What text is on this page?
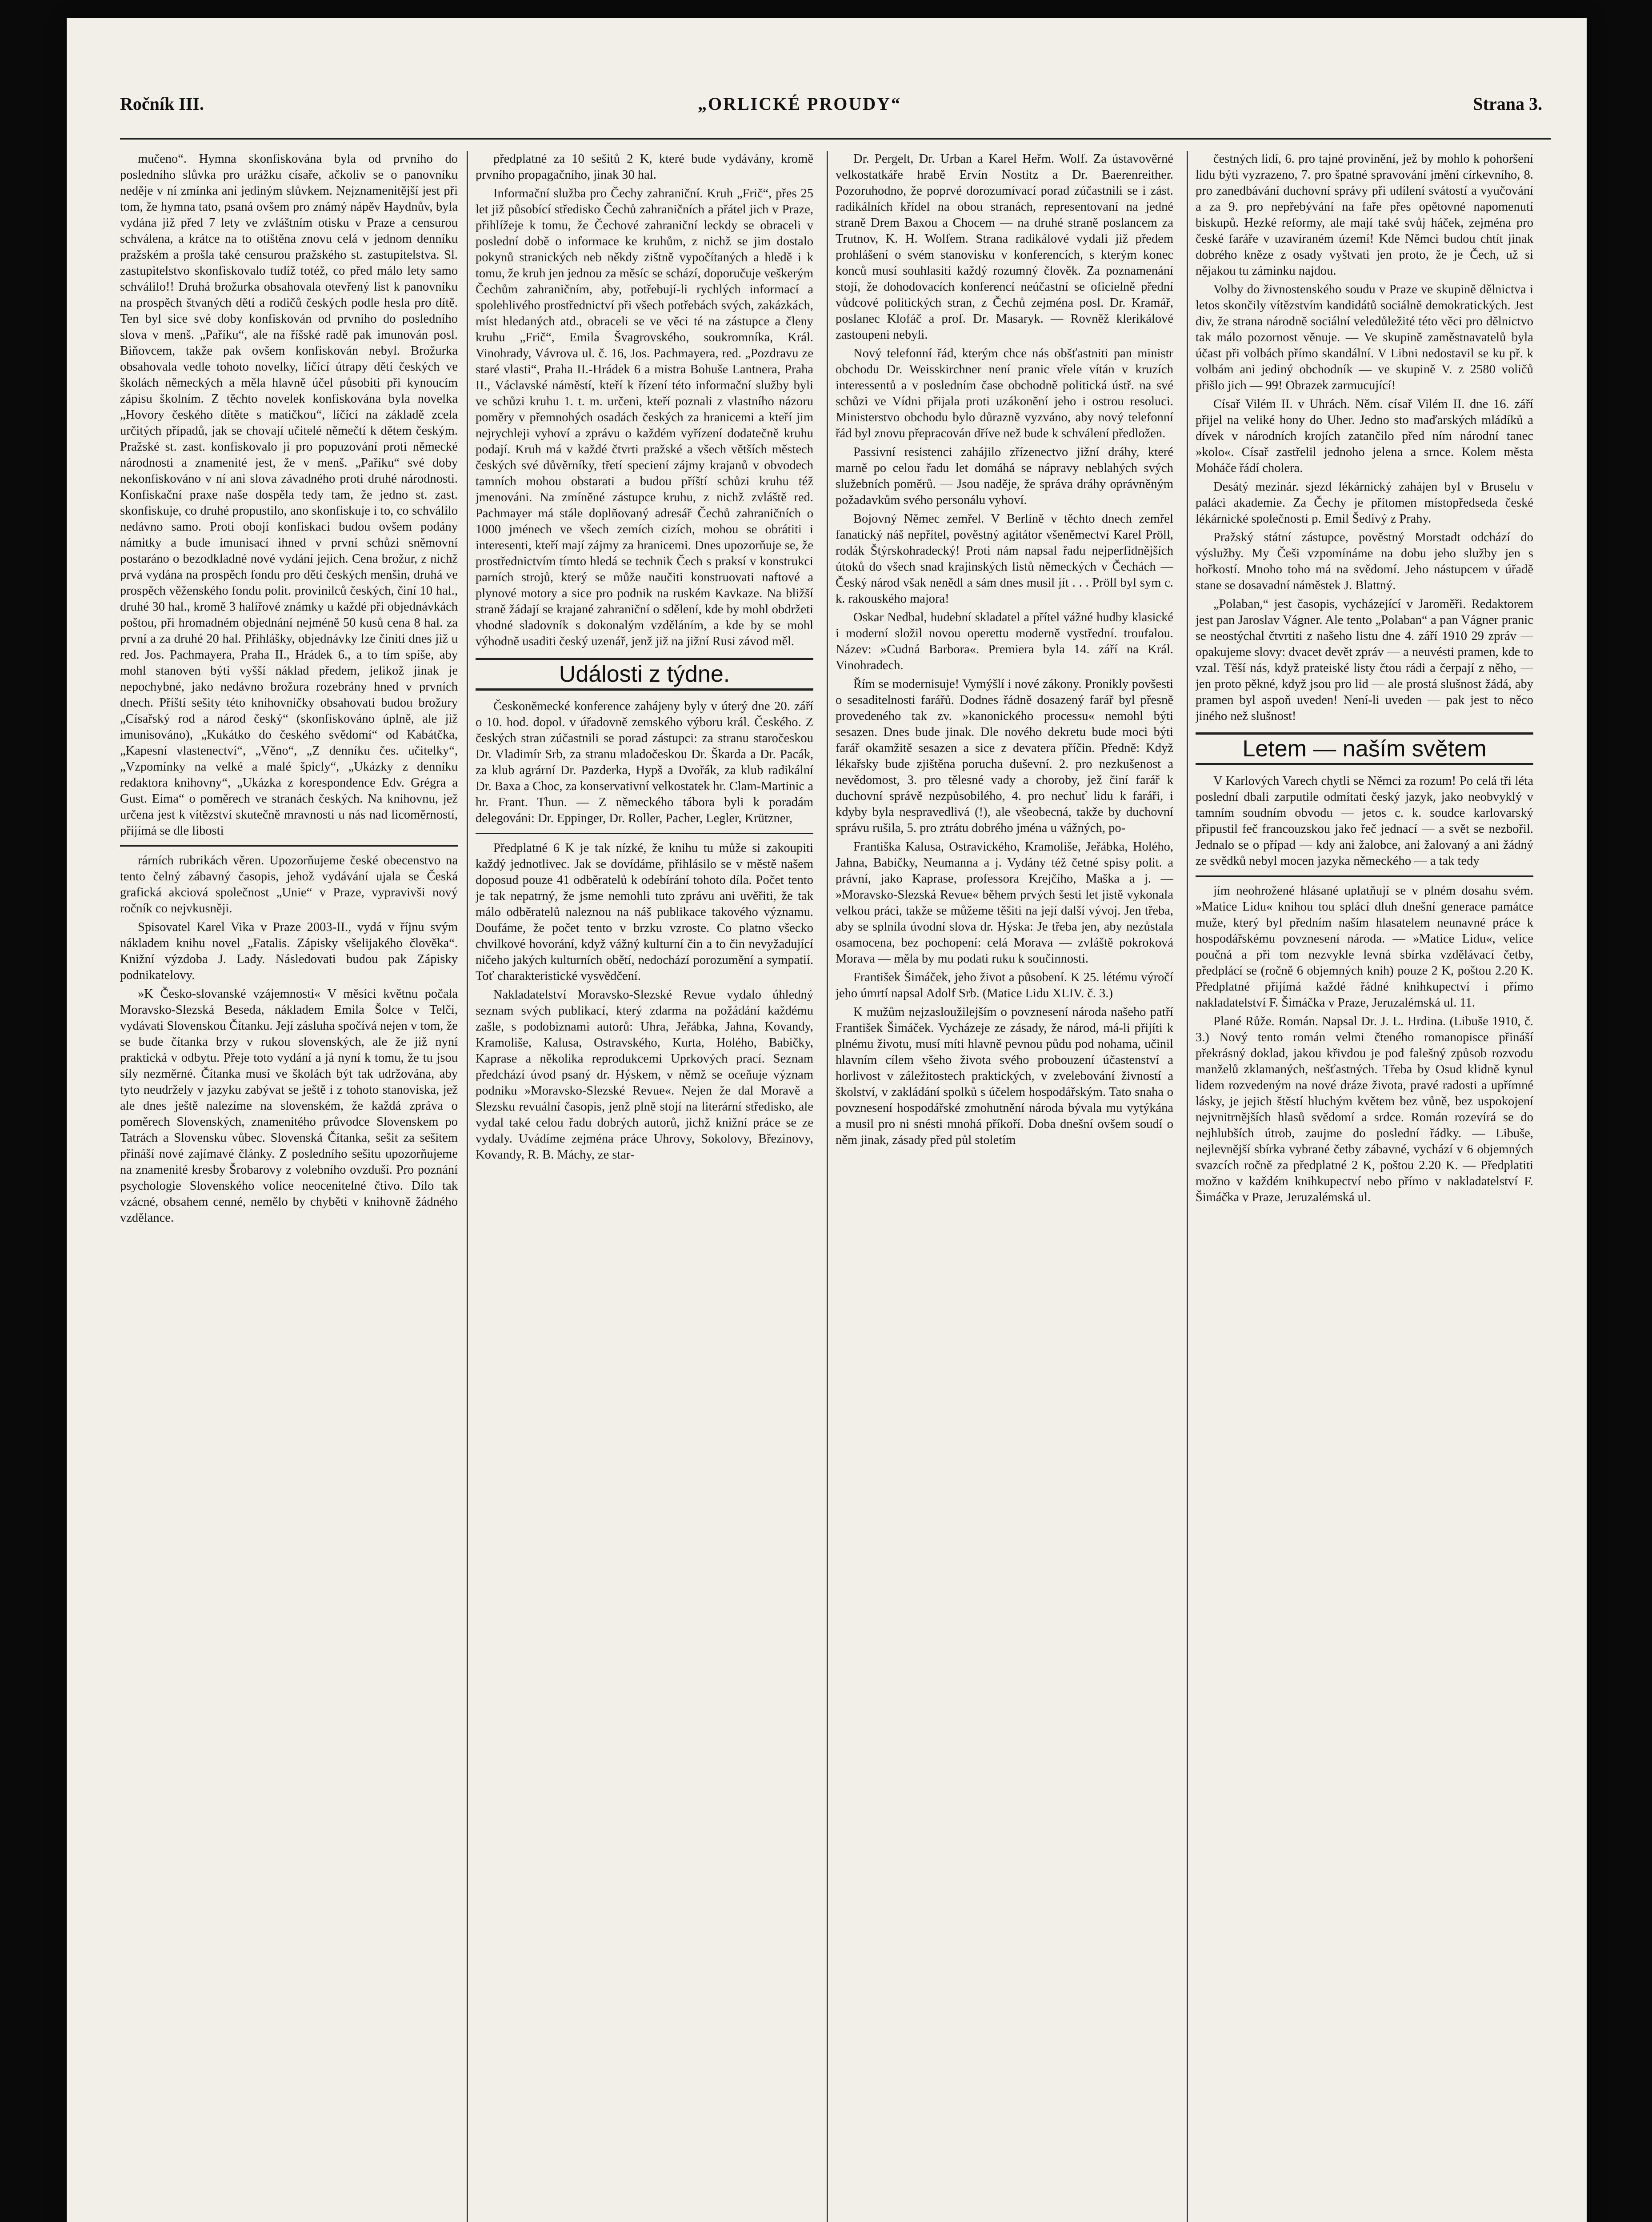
Ročník III.	„ORLICKÉ PROUDY“	Strana 3.

mučeno“. Hymna skonfiskována byla od prvního do posledního slůvka pro urážku císaře, ačkoliv se o panovníku neděje v ní zmínka ani jediným slůvkem. Nejznamenitější jest při tom, že hymna tato, psaná ovšem pro známý nápěv Haydnův, byla vydána již před 7 lety ve zvláštním otisku v Praze a censurou schválena, a krátce na to otištěna znovu celá v jednom denníku pražském a prošla také censurou pražského st. zastupitelstva. Sl. zastupitelstvo skonfiskovalo tudíž totéž, co před málo lety samo schválilo!! Druhá brožurka obsahovala otevřený list k panovníku na prospěch štvaných dětí a rodičů českých podle hesla pro dítě. Ten byl sice své doby konfiskován od prvního do posledního slova v menš. „Paříku“, ale na říšské radě pak imunován posl. Biňovcem, takže pak ovšem konfiskován nebyl. Brožurka obsahovala vedle tohoto novelky, líčící útrapy dětí českých ve školách německých a měla hlavně účel působiti při kynoucím zápisu školním. Z těchto novelek konfiskována byla novelka „Hovory českého dítěte s matičkou“, líčící na základě zcela určitých případů, jak se chovají učitelé němečtí k dětem českým. Pražské st. zast. konfiskovalo ji pro popuzování proti německé národnosti a znamenité jest, že v menš. „Paříku“ své doby nekonfiskováno v ní ani slova závadného proti druhé národnosti. Konfiskační praxe naše dospěla tedy tam, že jedno st. zast. skonfiskuje, co druhé propustilo, ano skonfiskuje i to, co schválilo nedávno samo. Proti obojí konfiskaci budou ovšem podány námitky a bude imunisací ihned v první schůzi sněmovní postaráno o bezodkladné nové vydání jejich. Cena brožur, z nichž prvá vydána na prospěch fondu pro děti českých menšin, druhá ve prospěch věženského fondu polit. provinilců českých, činí 10 hal., druhé 30 hal., kromě 3 halířové známky u každé při objednávkách poštou, při hromadném objednání nejméně 50 kusů cena 8 hal. za první a za druhé 20 hal. Přihlášky, objednávky lze činiti dnes již u red. Jos. Pachmayera, Praha II., Hrádek 6., a to tím spíše, aby mohl stanoven býti vyšší náklad předem, jelikož jinak je nepochybné, jako nedávno brožura rozebrány hned v prvních dnech. Příští sešity této knihovničky obsahovati budou brožury „Císařský rod a národ český“ (skonfiskováno úplně, ale již imunisováno), „Kukátko do českého svědomí“ od Kabátčka, „Kapesní vlastenectví“, „Věno“, „Z denníku čes. učitelky“, „Vzpomínky na velké a malé špicly“, „Ukázky z denníku redaktora knihovny“, „Ukázka z korespondence Edv. Grégra a Gust. Eima“ o poměrech ve stranách českých. Na knihovnu, jež určena jest k vítězství skutečně mravnosti u nás nad licoměrností, přijímá se dle libosti

rárních rubrikách věren. Upozorňujeme české obecenstvo na tento čelný zábavný časopis, jehož vydávání ujala se Česká grafická akciová společnost „Unie“ v Praze, vypravivši nový ročník co nejvkusněji.

Spisovatel Karel Vika v Praze 2003-II., vydá v říjnu svým nákladem knihu novel „Fatalis. Zápisky všelijakého člověka“. Knižní výzdoba J. Lady. Následovati budou pak Zápisky podnikatelovy.

»K Česko-slovanské vzájemnosti« V měsíci květnu počala Moravsko-Slezská Beseda, nákladem Emila Šolce v Telči, vydávati Slovenskou Čítanku. Její zásluha spočívá nejen v tom, že se bude čítanka brzy v rukou slovenských, ale že již nyní praktická v odbytu. Přeje toto vydání a já nyní k tomu, že tu jsou síly nezměrné. Čítanka musí ve školách být tak udržována, aby tyto neudržely v jazyku zabývat se ještě i z tohoto stanoviska, jež ale dnes ještě nalezíme na slovenském, že každá zpráva o poměrech Slovenských, znamenitého průvodce Slovenskem po Tatrách a Slovensku vůbec. Slovenská Čítanka, sešit za sešitem přináší nové zajímavé články. Z posledního sešitu upozorňujeme na znamenité kresby Šrobarovy z volebního ovzduší. Pro poznání psychologie Slovenského volice neocenitelné čtivo. Dílo tak vzácné, obsahem cenné, nemělo by chyběti v knihovně žádného vzdělance.

předplatné za 10 sešitů 2 K, které bude vydávány, kromě prvního propagačního, jinak 30 hal.

Informační služba pro Čechy zahraniční. Kruh „Frič“, přes 25 let již působící středisko Čechů zahraničních a přátel jich v Praze, přihlížeje k tomu, že Čechové zahraniční leckdy se obraceli v poslední době o informace ke kruhům, z nichž se jim dostalo pokynů stranických neb někdy zištně vypočítaných a hledě i k tomu, že kruh jen jednou za měsíc se schází, doporučuje veškerým Čechům zahraničním, aby, potřebují-li rychlých informací a spolehlivého prostřednictví při všech potřebách svých, zakázkách, míst hledaných atd., obraceli se ve věci té na zástupce a členy kruhu „Frič“, Emila Švagrovského, soukromníka, Král. Vinohrady, Vávrova ul. č. 16, Jos. Pachmayera, red. „Pozdravu ze staré vlasti“, Praha II.-Hrádek 6 a mistra Bohuše Lantnera, Praha II., Václavské náměstí, kteří k řízení této informační služby byli ve schůzi kruhu 1. t. m. určeni, kteří poznali z vlastního názoru poměry v přemnohých osadách českých za hranicemi a kteří jim nejrychleji vyhoví a zprávu o každém vyřízení dodatečně kruhu podají. Kruh má v každé čtvrti pražské a všech větších městech českých své důvěrníky, třetí speciení zájmy krajanů v obvodech tamních mohou obstarati a budou příští schůzi kruhu též jmenováni. Na zmíněné zástupce kruhu, z nichž zvláště red. Pachmayer má stále doplňovaný adresář Čechů zahraničních o 1000 jménech ve všech zemích cizích, mohou se obrátiti i interesenti, kteří mají zájmy za hranicemi. Dnes upozorňuje se, že prostřednictvím tímto hledá se technik Čech s praksí v konstrukci parních strojů, který se může naučiti konstruovati naftové a plynové motory a sice pro podnik na ruském Kavkaze. Na bližší straně žádají se krajané zahraniční o sdělení, kde by mohl obdržeti vhodné sladovník s dokonalým vzděláním, a kde by se mohl výhodně usaditi český uzenář, jenž již na jižní Rusi závod měl.

Události z týdne.

Českoněmecké konference zahájeny byly v úterý dne 20. září o 10. hod. dopol. v úřadovně zemského výboru král. Českého. Z českých stran zúčastnili se porad zástupci: za stranu staročeskou Dr. Vladimír Srb, za stranu mladočeskou Dr. Škarda a Dr. Pacák, za klub agrární Dr. Pazderka, Hypš a Dvořák, za klub radikální Dr. Baxa a Choc, za konservativní velkostatek hr. Clam-Martinic a hr. Frant. Thun. — Z německého tábora byli k poradám delegováni: Dr. Eppinger, Dr. Roller, Pacher, Legler, Krützner,

Předplatné 6 K je tak nízké, že knihu tu může si zakoupiti každý jednotlivec. Jak se dovídáme, přihlásilo se v městě našem doposud pouze 41 odběratelů k odebírání tohoto díla. Počet tento je tak nepatrný, že jsme nemohli tuto zprávu ani uvěřiti, že tak málo odběratelů naleznou na náš publikace takového významu. Doufáme, že počet tento v brzku vzroste. Co platno všecko chvilkové hovorání, když vážný kulturní čin a to čin nevyžadující ničeho jakých kulturních obětí, nedochází porozumění a sympatií. Toť charakteristické vysvědčení.

Nakladatelství Moravsko-Slezské Revue vydalo úhledný seznam svých publikací, který zdarma na požádání každému zašle, s podobiznami autorů: Uhra, Jeřábka, Jahna, Kovandy, Kramoliše, Kalusa, Ostravského, Kurta, Holého, Babičky, Kaprase a několika reprodukcemi Uprkových prací. Seznam předchází úvod psaný dr. Hýskem, v němž se oceňuje význam podniku »Moravsko-Slezské Revue«. Nejen že dal Moravě a Slezsku revuální časopis, jenž plně stojí na literární středisko, ale vydal také celou řadu dobrých autorů, jichž knižní práce se ze vydaly. Uvádíme zejména práce Uhrovy, Sokolovy, Březinovy, Kovandy, R. B. Máchy, ze star-

Dr. Pergelt, Dr. Urban a Karel Heřm. Wolf. Za ústavověrné velkostatkáře hrabě Ervín Nostitz a Dr. Baerenreither. Pozoruhodno, že poprvé dorozumívací porad zúčastnili se i zást. radikálních křídel na obou stranách, representovaní na jedné straně Drem Baxou a Chocem — na druhé straně poslancem za Trutnov, K. H. Wolfem. Strana radikálové vydali již předem prohlášení o svém stanovisku v konferencích, s kterým konec konců musí souhlasiti každý rozumný člověk. Za poznamenání stojí, že dohodovacích konferencí neúčastní se oficielně přední vůdcové politických stran, z Čechů zejména posl. Dr. Kramář, poslanec Klofáč a prof. Dr. Masaryk. — Rovněž klerikálové zastoupeni nebyli.

Nový telefonní řád, kterým chce nás obšťastniti pan ministr obchodu Dr. Weisskirchner není pranic vřele vítán v kruzích interessentů a v posledním čase obchodně politická ústř. na své schůzi ve Vídni přijala proti uzákonění jeho i ostrou resoluci. Ministerstvo obchodu bylo důrazně vyzváno, aby nový telefonní řád byl znovu přepracován dříve než bude k schválení předložen.

Passivní resistenci zahájilo zřízenectvo jižní dráhy, které marně po celou řadu let domáhá se nápravy neblahých svých služebních poměrů. — Jsou naděje, že správa dráhy oprávněným požadavkům svého personálu vyhoví.

Bojovný Němec zemřel. V Berlíně v těchto dnech zemřel fanatický náš nepřítel, pověstný agitátor všeněmectví Karel Pröll, rodák Štýrskohradecký! Proti nám napsal řadu nejperfidnějších útoků do všech snad krajinských listů německých v Čechách — Český národ však nenědl a sám dnes musil jít . . . Pröll byl sym c. k. rakouského majora!

Oskar Nedbal, hudební skladatel a přítel vážné hudby klasické i moderní složil novou operettu moderně vystřední. troufalou. Název: »Cudná Barbora«. Premiera byla 14. září na Král. Vinohradech.

Řím se modernisuje! Vymýšlí i nové zákony. Pronikly povšesti o sesaditelnosti farářů. Dodnes řádně dosazený farář byl přesně provedeného tak zv. »kanonického processu« nemohl býti sesazen. Dnes bude jinak. Dle nového dekretu bude moci býti farář okamžitě sesazen a sice z devatera příčin. Předně: Když lékařsky bude zjištěna porucha duševní. 2. pro nezkušenost a nevědomost, 3. pro tělesné vady a choroby, jež činí farář k duchovní správě nezpůsobilého, 4. pro nechuť lidu k faráři, i kdyby byla nespravedlivá (!), ale všeobecná, takže by duchovní správu rušila, 5. pro ztrátu dobrého jména u vážných, po-

Františka Kalusa, Ostravického, Kramoliše, Jeřábka, Holého, Jahna, Babičky, Neumanna a j. Vydány též četné spisy polit. a právní, jako Kaprase, professora Krejčího, Maška a j. — »Moravsko-Slezská Revue« během prvých šesti let jistě vykonala velkou práci, takže se můžeme těšiti na její další vývoj. Jen třeba, aby se splnila úvodní slova dr. Hýska: Je třeba jen, aby nezůstala osamocena, bez pochopení: celá Morava — zvláště pokroková Morava — měla by mu podati ruku k součinnosti.

František Šimáček, jeho život a působení. K 25. létému výročí jeho úmrtí napsal Adolf Srb. (Matice Lidu XLIV. č. 3.)

K mužům nejzasloužilejším o povznesení národa našeho patří František Šimáček. Vycházeje ze zásady, že národ, má-li přijíti k plnému životu, musí míti hlavně pevnou půdu pod nohama, učinil hlavním cílem všeho života svého probouzení účastenství a horlivost v záležitostech praktických, v zvelebování živností a školství, v zakládání spolků s účelem hospodářským. Tato snaha o povznesení hospodářské zmohutnění národa bývala mu vytýkána a musil pro ni snésti mnohá příkoří. Doba dnešní ovšem soudí o něm jinak, zásady před půl stoletím

čestných lidí, 6. pro tajné provinění, jež by mohlo k pohoršení lidu býti vyzrazeno, 7. pro špatné spravování jmění církevního, 8. pro zanedbávání duchovní správy při udílení svátostí a vyučování a za 9. pro nepřebývání na faře přes opětovné napomenutí biskupů. Hezké reformy, ale mají také svůj háček, zejména pro české faráře v uzavíraném území! Kde Němci budou chtít jinak dobrého kněze z osady vyštvati jen proto, že je Čech, už si nějakou tu záminku najdou.

Volby do živnostenského soudu v Praze ve skupině dělnictva i letos skončily vítězstvím kandidátů sociálně demokratických. Jest div, že strana národně sociální veledůležité této věci pro dělnictvo tak málo pozornost věnuje. — Ve skupině zaměstnavatelů byla účast při volbách přímo skandální. V Libni nedostavil se ku př. k volbám ani jediný obchodník — ve skupině V. z 2580 voličů přišlo jich — 99! Obrazek zarmucující!

Císař Vilém II. v Uhrách. Něm. císař Vilém II. dne 16. září přijel na veliké hony do Uher. Jedno sto maďarských mládíků a dívek v národních krojích zatančilo před ním národní tanec »kolo«. Císař zastřelil jednoho jelena a srnce. Kolem města Moháče řádí cholera.

Desátý mezinár. sjezd lékárnický zahájen byl v Bruselu v paláci akademie. Za Čechy je přítomen místopředseda české lékárnické společnosti p. Emil Šedivý z Prahy.

Pražský státní zástupce, pověstný Morstadt odchází do výslužby. My Češi vzpomínáme na dobu jeho služby jen s hořkostí. Mnoho toho má na svědomí. Jeho nástupcem v úřadě stane se dosavadní náměstek J. Blattný.

„Polaban,“ jest časopis, vycházející v Jaroměři. Redaktorem jest pan Jaroslav Vágner. Ale tento „Polaban“ a pan Vágner pranic se neostýchal čtvrtiti z našeho listu dne 4. září 1910 29 zpráv — opakujeme slovy: dvacet devět zpráv — a neuvésti pramen, kde to vzal. Těší nás, když prateiské listy čtou rádi a čerpají z něho, — jen proto pěkné, když jsou pro lid — ale prostá slušnost žádá, aby pramen byl aspoň uveden! Není-li uveden — pak jest to něco jiného než slušnost!

Letem — naším světem

V Karlových Varech chytli se Němci za rozum! Po celá tři léta poslední dbali zarputile odmítati český jazyk, jako neobvyklý v tamním soudním obvodu — jetos c. k. soudce karlovarský připustil feč francouzskou jako řeč jednací — a svět se nezbořil. Jednalo se o případ — kdy ani žalobce, ani žalovaný a ani žádný ze svědků nebyl mocen jazyka německého — a tak tedy

jím neohrožené hlásané uplatňují se v plném dosahu svém. »Matice Lidu« knihou tou splácí dluh dnešní generace památce muže, který byl předním naším hlasatelem neunavné práce k hospodářskému povznesení národa. — »Matice Lidu«, velice poučná a při tom nezvykle levná sbírka vzdělávací četby, předplácí se (ročně 6 objemných knih) pouze 2 K, poštou 2.20 K. Předplatné přijímá každé řádné knihkupectví i přímo nakladatelství F. Šimáčka v Praze, Jeruzalémská ul. 11.

Plané Růže. Román. Napsal Dr. J. L. Hrdina. (Libuše 1910, č. 3.) Nový tento román velmi čteného romanopisce přináší překrásný doklad, jakou křivdou je pod falešný způsob rozvodu manželů zklamaných, nešťastných. Třeba by Osud klidně kynul lidem rozvedeným na nové dráze života, pravé radosti a upřímné lásky, je jejich štěstí hluchým květem bez vůně, bez uspokojení nejvnitrnějších hlasů svědomí a srdce. Román rozevírá se do nejhlubších útrob, zaujme do poslední řádky. — Libuše, nejlevnější sbírka vybrané četby zábavné, vychází v 6 objemných svazcích ročně za předplatné 2 K, poštou 2.20 K. — Předplatiti možno v každém knihkupectví nebo přímo v nakladatelství F. Šimáčka v Praze, Jeruzalémská ul.
